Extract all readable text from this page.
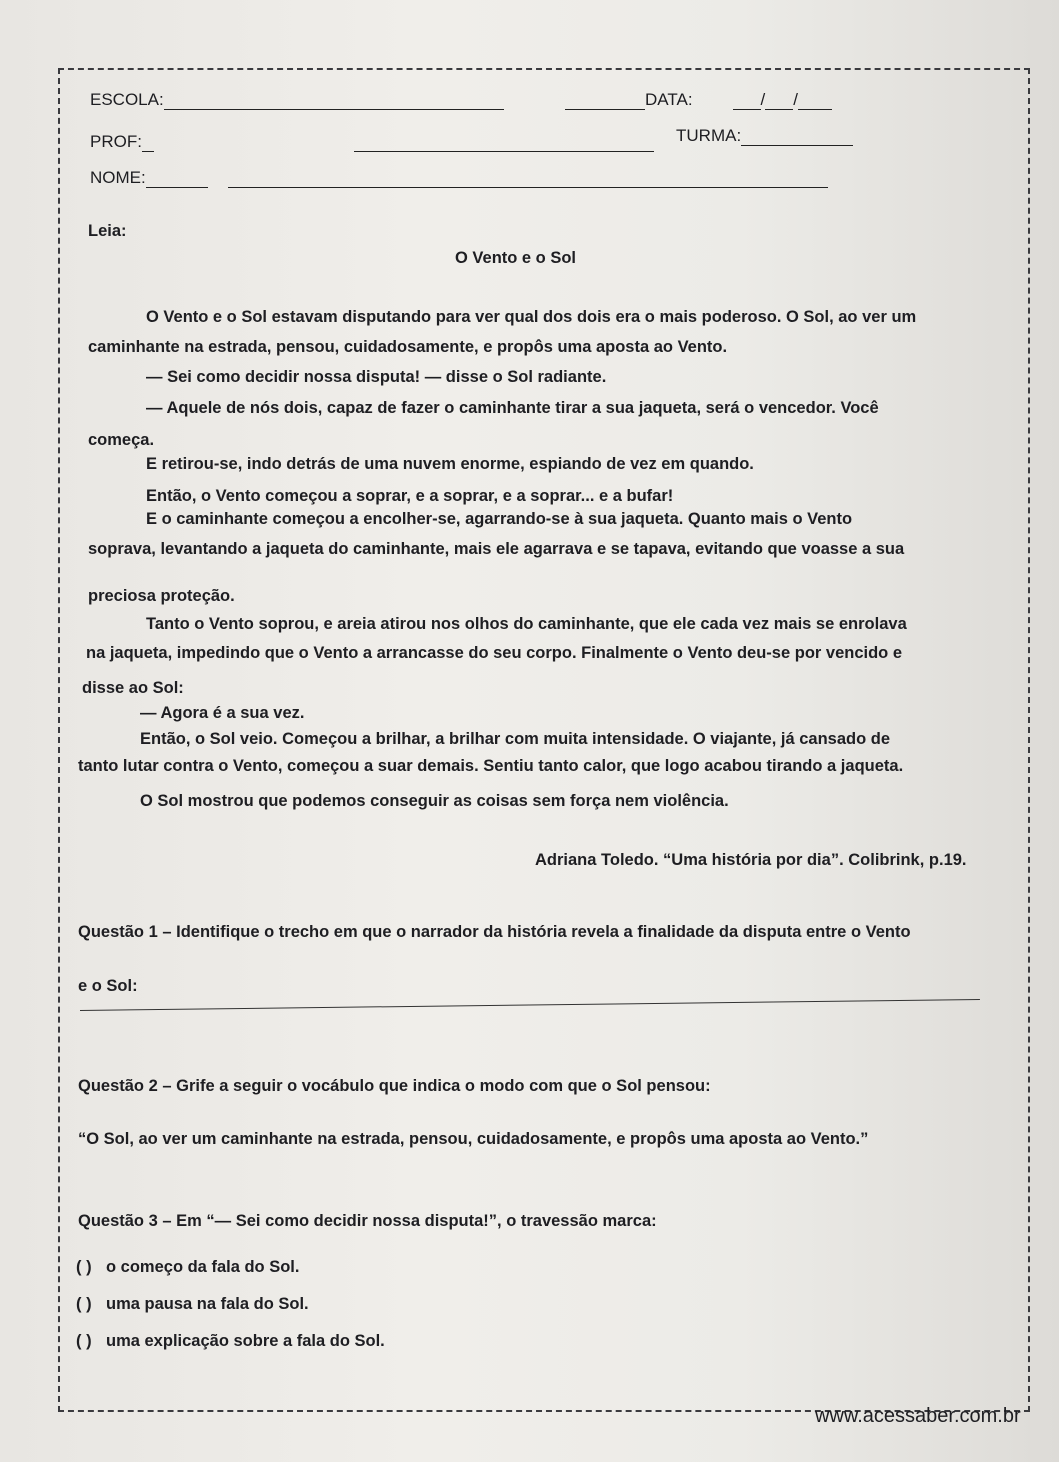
ESCOLA:	DATA:	/ /
PROF:	TURMA:
NOME:
Leia:
O Vento e o Sol
O Vento e o Sol estavam disputando para ver qual dos dois era o mais poderoso. O Sol, ao ver um
caminhante na estrada, pensou, cuidadosamente, e propôs uma aposta ao Vento.
— Sei como decidir nossa disputa! — disse o Sol radiante.
— Aquele de nós dois, capaz de fazer o caminhante tirar a sua jaqueta, será o vencedor. Você
começa.
E retirou-se, indo detrás de uma nuvem enorme, espiando de vez em quando.
Então, o Vento começou a soprar, e a soprar, e a soprar... e a bufar!
E o caminhante começou a encolher-se, agarrando-se à sua jaqueta. Quanto mais o Vento
soprava, levantando a jaqueta do caminhante, mais ele agarrava e se tapava, evitando que voasse a sua
preciosa proteção.
Tanto o Vento soprou, e areia atirou nos olhos do caminhante, que ele cada vez mais se enrolava
na jaqueta, impedindo que o Vento a arrancasse do seu corpo. Finalmente o Vento deu-se por vencido e
disse ao Sol:
— Agora é a sua vez.
Então, o Sol veio. Começou a brilhar, a brilhar com muita intensidade. O viajante, já cansado de
tanto lutar contra o Vento, começou a suar demais. Sentiu tanto calor, que logo acabou tirando a jaqueta.
O Sol mostrou que podemos conseguir as coisas sem força nem violência.
Adriana Toledo. “Uma história por dia”. Colibrink, p.19.
Questão 1 – Identifique o trecho em que o narrador da história revela a finalidade da disputa entre o Vento
e o Sol:
Questão 2 – Grife a seguir o vocábulo que indica o modo com que o Sol pensou:
“O Sol, ao ver um caminhante na estrada, pensou, cuidadosamente, e propôs uma aposta ao Vento.”
Questão 3 – Em “— Sei como decidir nossa disputa!”, o travessão marca:
( ) o começo da fala do Sol.
( ) uma pausa na fala do Sol.
( ) uma explicação sobre a fala do Sol.
www.acessaber.com.br
